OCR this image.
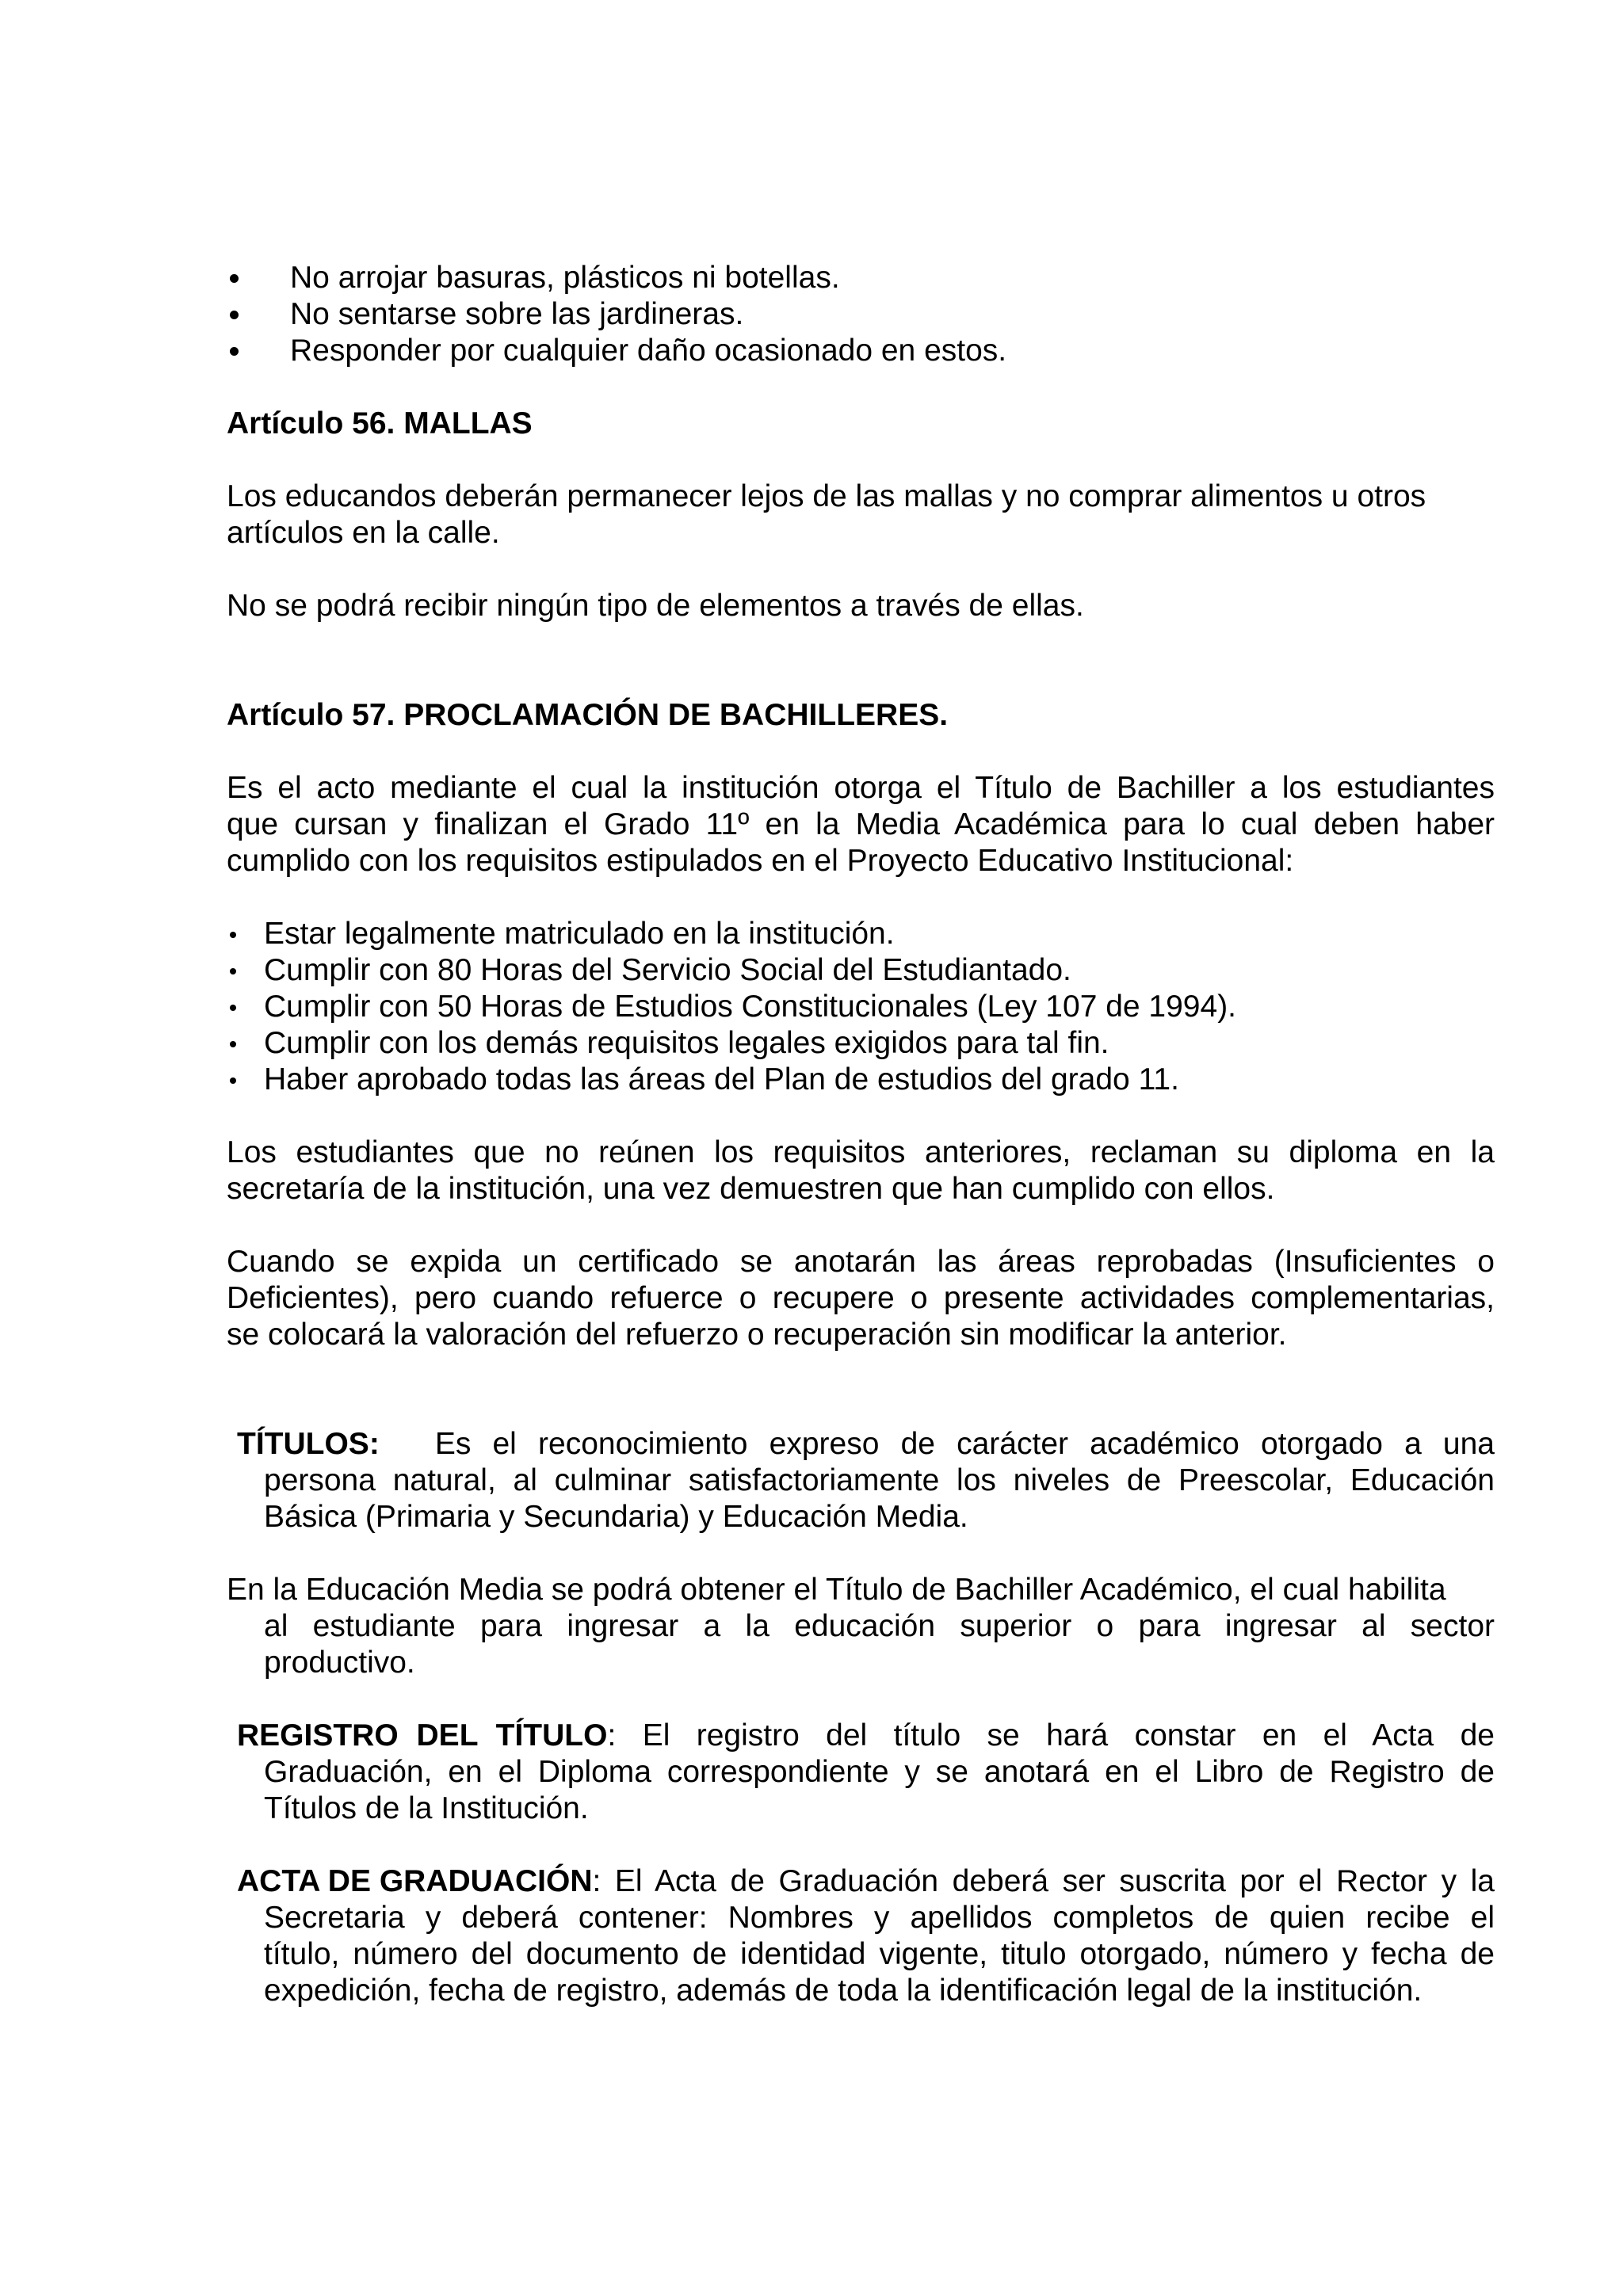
No arrojar basuras, plásticos ni botellas.
No sentarse sobre las jardineras.
Responder por cualquier daño ocasionado en estos.

Artículo 56. MALLAS

Los educandos deberán permanecer lejos de las mallas y no comprar alimentos u otros
artículos en la calle.

No se podrá recibir ningún tipo de elementos a través de ellas.

Artículo 57. PROCLAMACIÓN DE BACHILLERES.

Es el acto mediante el cual la institución otorga el Título de Bachiller a los estudiantes

que cursan y finalizan el Grado 11º en la Media Académica para lo cual deben haber

cumplido con los requisitos estipulados en el Proyecto Educativo Institucional:

Estar legalmente matriculado en la institución.
Cumplir con 80 Horas del Servicio Social del Estudiantado.
Cumplir con 50 Horas de Estudios Constitucionales (Ley 107 de 1994).
Cumplir con los demás requisitos legales exigidos para tal fin.
Haber aprobado todas las áreas del Plan de estudios del grado 11.

Los estudiantes que no reúnen los requisitos anteriores, reclaman su diploma en la

secretaría de la institución, una vez demuestren que han cumplido con ellos.

Cuando se expida un certificado se anotarán las áreas reprobadas (Insuficientes o

Deficientes), pero cuando refuerce o recupere o presente actividades complementarias,

se colocará la valoración del refuerzo o recuperación sin modificar la anterior.

TÍTULOS:	Es el reconocimiento expreso de carácter académico otorgado a una

persona natural, al culminar satisfactoriamente los niveles de Preescolar, Educación

Básica (Primaria y Secundaria) y Educación Media.

En la Educación Media se podrá obtener el Título de Bachiller Académico, el cual habilita

al estudiante para ingresar a la educación superior o para ingresar al sector

productivo.

REGISTRO DEL TÍTULO : El registro del título se hará constar en el Acta de

Graduación, en el Diploma correspondiente y se anotará en el Libro de Registro de

Títulos de la Institución.

ACTA DE GRADUACIÓN : El Acta de Graduación deberá ser suscrita por el Rector y la

Secretaria y deberá contener: Nombres y apellidos completos de quien recibe el

título, número del documento de identidad vigente, titulo otorgado, número y fecha de

expedición, fecha de registro, además de toda la identificación legal de la institución.
